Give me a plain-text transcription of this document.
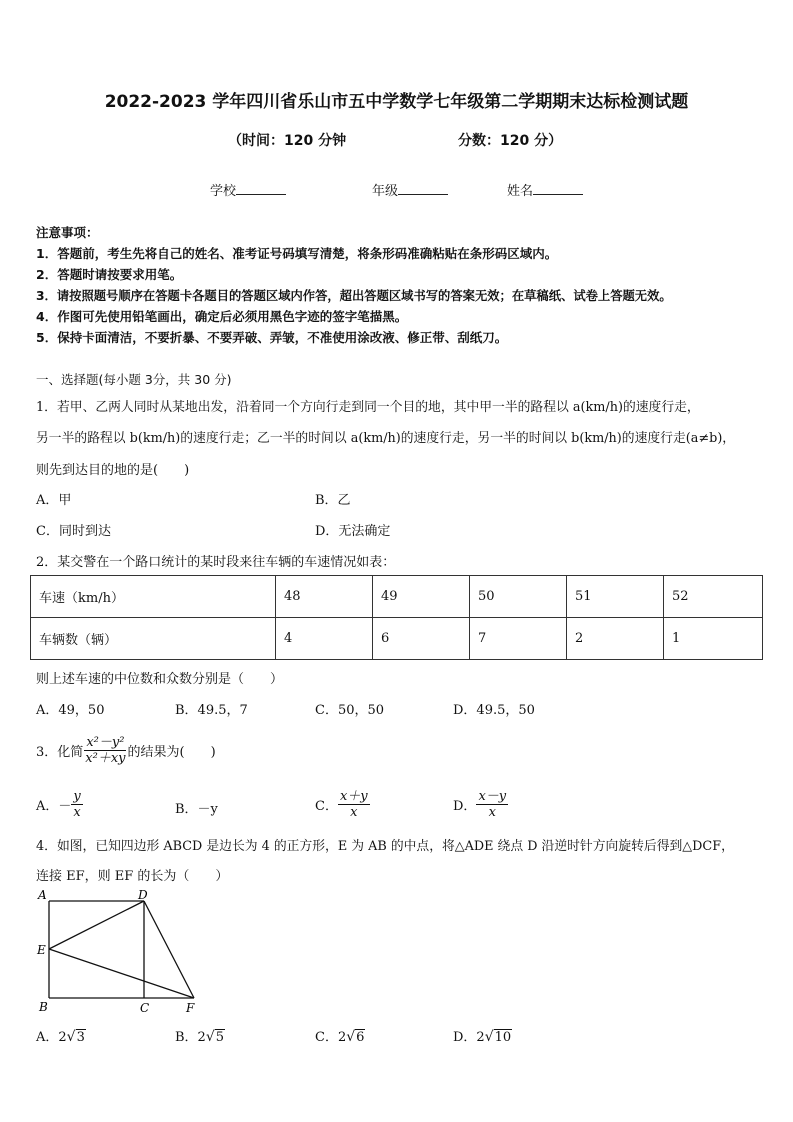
2022-2023 学年四川省乐山市五中学数学七年级第二学期期末达标检测试题
（时间：120 分钟	分数：120 分）
学校	年级	姓名
注意事项：
1．答题前，考生先将自己的姓名、准考证号码填写清楚，将条形码准确粘贴在条形码区域内。
2．答题时请按要求用笔。
3．请按照题号顺序在答题卡各题目的答题区域内作答，超出答题区域书写的答案无效；在草稿纸、试卷上答题无效。
4．作图可先使用铅笔画出，确定后必须用黑色字迹的签字笔描黑。
5．保持卡面清洁，不要折暴、不要弄破、弄皱，不准使用涂改液、修正带、刮纸刀。
一、选择题(每小题 3分，共 30 分)
1．若甲、乙两人同时从某地出发，沿着同一个方向行走到同一个目的地，其中甲一半的路程以 a(km/h)的速度行走，
另一半的路程以 b(km/h)的速度行走；乙一半的时间以 a(km/h)的速度行走，另一半的时间以 b(km/h)的速度行走(a≠b)，
则先到达目的地的是(　　)
A．甲	B．乙
C．同时到达	D．无法确定
2．某交警在一个路口统计的某时段来往车辆的车速情况如表：
车速（km/h）	48	49	50	51	52
车辆数（辆）	4	6	7	2	1
则上述车速的中位数和众数分别是（　　）
A．49，50	B．49.5，7	C．50，50	D．49.5，50
3．化简 $\frac{\text{x²－y²}}{\text{x²＋xy}}$ 的结果为(　　)
A．－ $\frac{y}{x}$	B．－y	C． $\frac{x+y}{x}$	D． $\frac{x-y}{x}$
4．如图，已知四边形 ABCD 是边长为 4 的正方形，E 为 AB 的中点，将△ADE 绕点 D 沿逆时针方向旋转后得到△DCF，
连接 EF，则 EF 的长为（　　）
A	D
E
B	C	F
A．2√3	B．2√5	C．2√6	D．2√10
